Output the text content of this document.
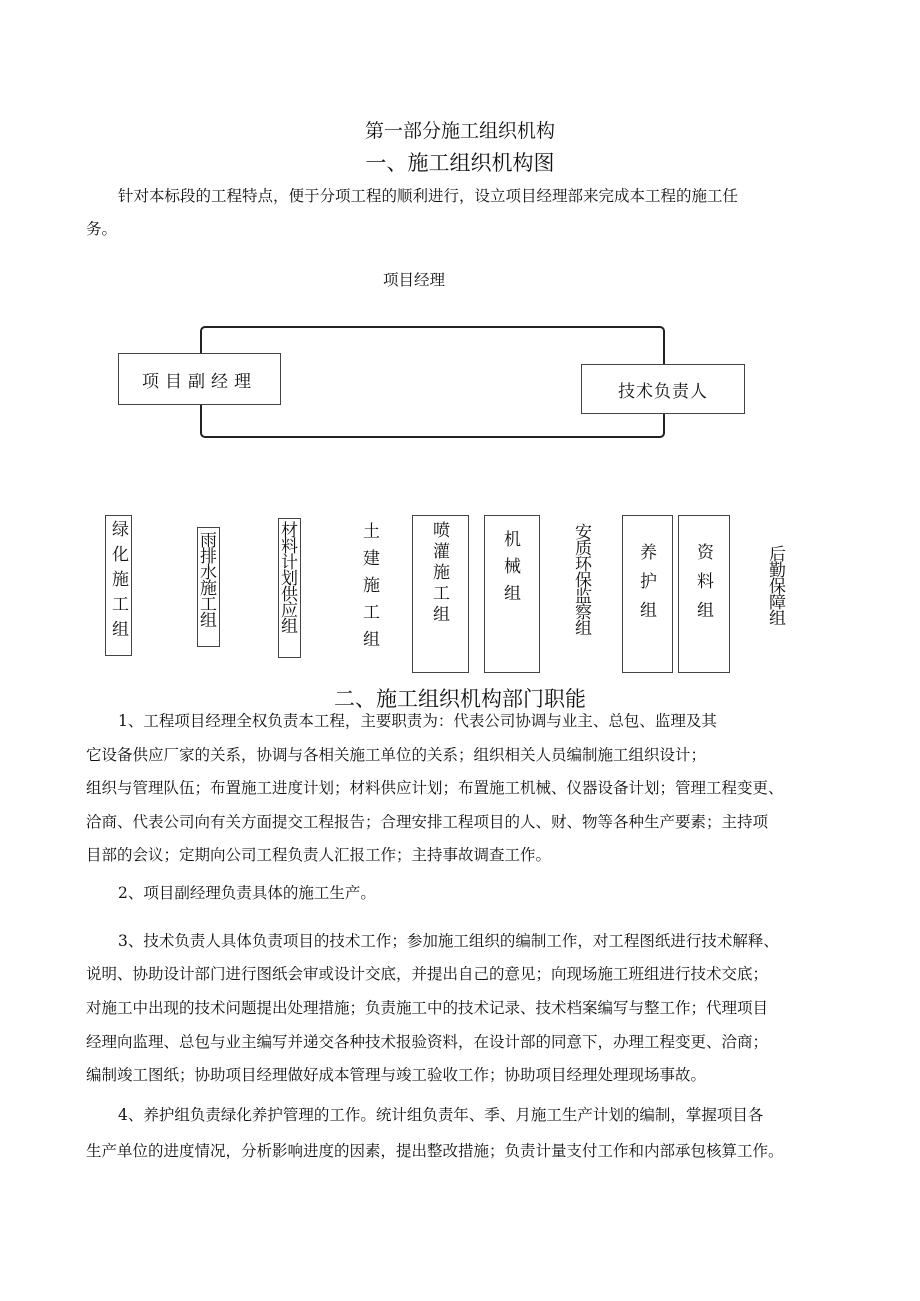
第一部分施工组织机构
一、施工组织机构图
针对本标段的工程特点，便于分项工程的顺利进行，设立项目经理部来完成本工程的施工任
务。
项目经理
项目副经理	技术负责人
绿化施工组	雨排水施工组	材料计划供应组	土建施工组	喷灌施工组	机械组	安质环保监察组	养护组	资料组	后勤保障组
二、施工组织机构部门职能
1、工程项目经理全权负责本工程，主要职责为：代表公司协调与业主、总包、监理及其
它设备供应厂家的关系，协调与各相关施工单位的关系；组织相关人员编制施工组织设计；
组织与管理队伍；布置施工进度计划；材料供应计划；布置施工机械、仪器设备计划；管理工程变更、
洽商、代表公司向有关方面提交工程报告；合理安排工程项目的人、财、物等各种生产要素；主持项
目部的会议；定期向公司工程负责人汇报工作；主持事故调查工作。
2、项目副经理负责具体的施工生产。
3、技术负责人具体负责项目的技术工作；参加施工组织的编制工作，对工程图纸进行技术解释、
说明、协助设计部门进行图纸会审或设计交底，并提出自己的意见；向现场施工班组进行技术交底；
对施工中出现的技术问题提出处理措施；负责施工中的技术记录、技术档案编写与整工作；代理项目
经理向监理、总包与业主编写并递交各种技术报验资料，在设计部的同意下，办理工程变更、洽商；
编制竣工图纸；协助项目经理做好成本管理与竣工验收工作；协助项目经理处理现场事故。
4、养护组负责绿化养护管理的工作。统计组负责年、季、月施工生产计划的编制，掌握项目各
生产单位的进度情况，分析影响进度的因素，提出整改措施；负责计量支付工作和内部承包核算工作。
